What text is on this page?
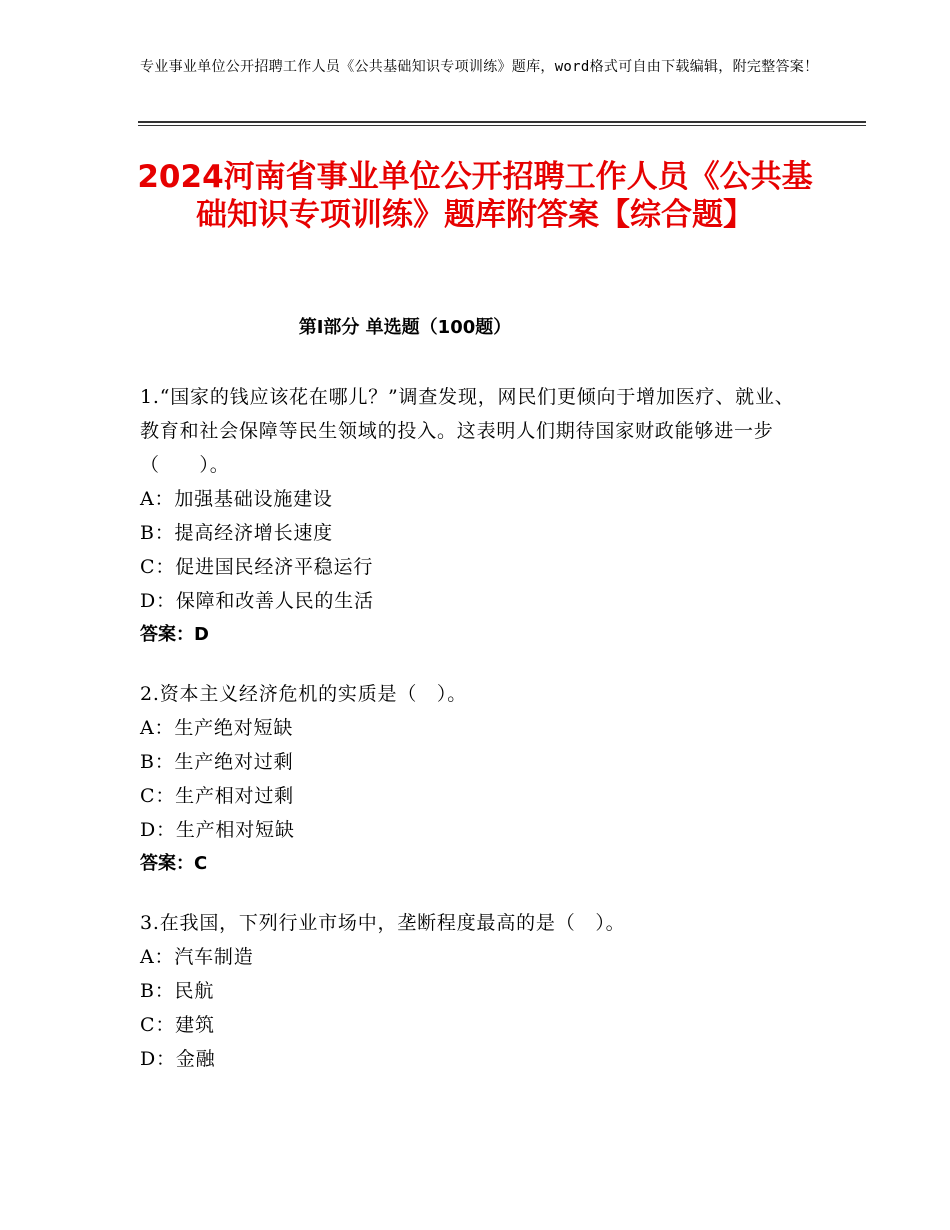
专业事业单位公开招聘工作人员《公共基础知识专项训练》题库，word格式可自由下载编辑，附完整答案！
2024河南省事业单位公开招聘工作人员《公共基础知识专项训练》题库附答案【综合题】
第Ⅰ部分 单选题（100题）
1.“国家的钱应该花在哪儿？”调查发现，网民们更倾向于增加医疗、就业、教育和社会保障等民生领域的投入。这表明人们期待国家财政能够进一步（　　）。
A：加强基础设施建设
B：提高经济增长速度
C：促进国民经济平稳运行
D：保障和改善人民的生活
答案：D
2.资本主义经济危机的实质是（　）。
A：生产绝对短缺
B：生产绝对过剩
C：生产相对过剩
D：生产相对短缺
答案：C
3.在我国，下列行业市场中，垄断程度最高的是（　）。
A：汽车制造
B：民航
C：建筑
D：金融
